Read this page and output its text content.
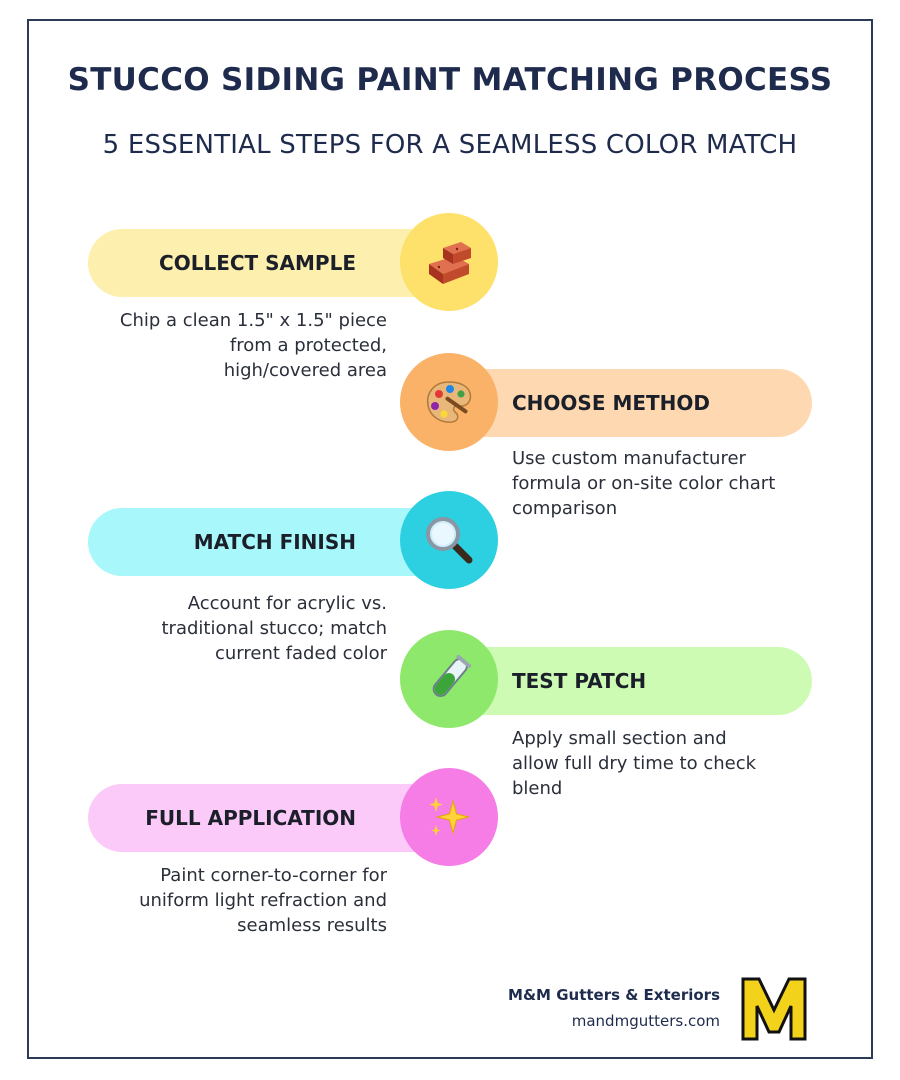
STUCCO SIDING PAINT MATCHING PROCESS
5 ESSENTIAL STEPS FOR A SEAMLESS COLOR MATCH
COLLECT SAMPLE
Chip a clean 1.5" x 1.5" piece
from a protected,
high/covered area
CHOOSE METHOD
Use custom manufacturer
formula or on-site color chart
comparison
MATCH FINISH
Account for acrylic vs.
traditional stucco; match
current faded color
TEST PATCH
Apply small section and
allow full dry time to check
blend
FULL APPLICATION
Paint corner-to-corner for
uniform light refraction and
seamless results
M&M Gutters & Exteriors
mandmgutters.com
